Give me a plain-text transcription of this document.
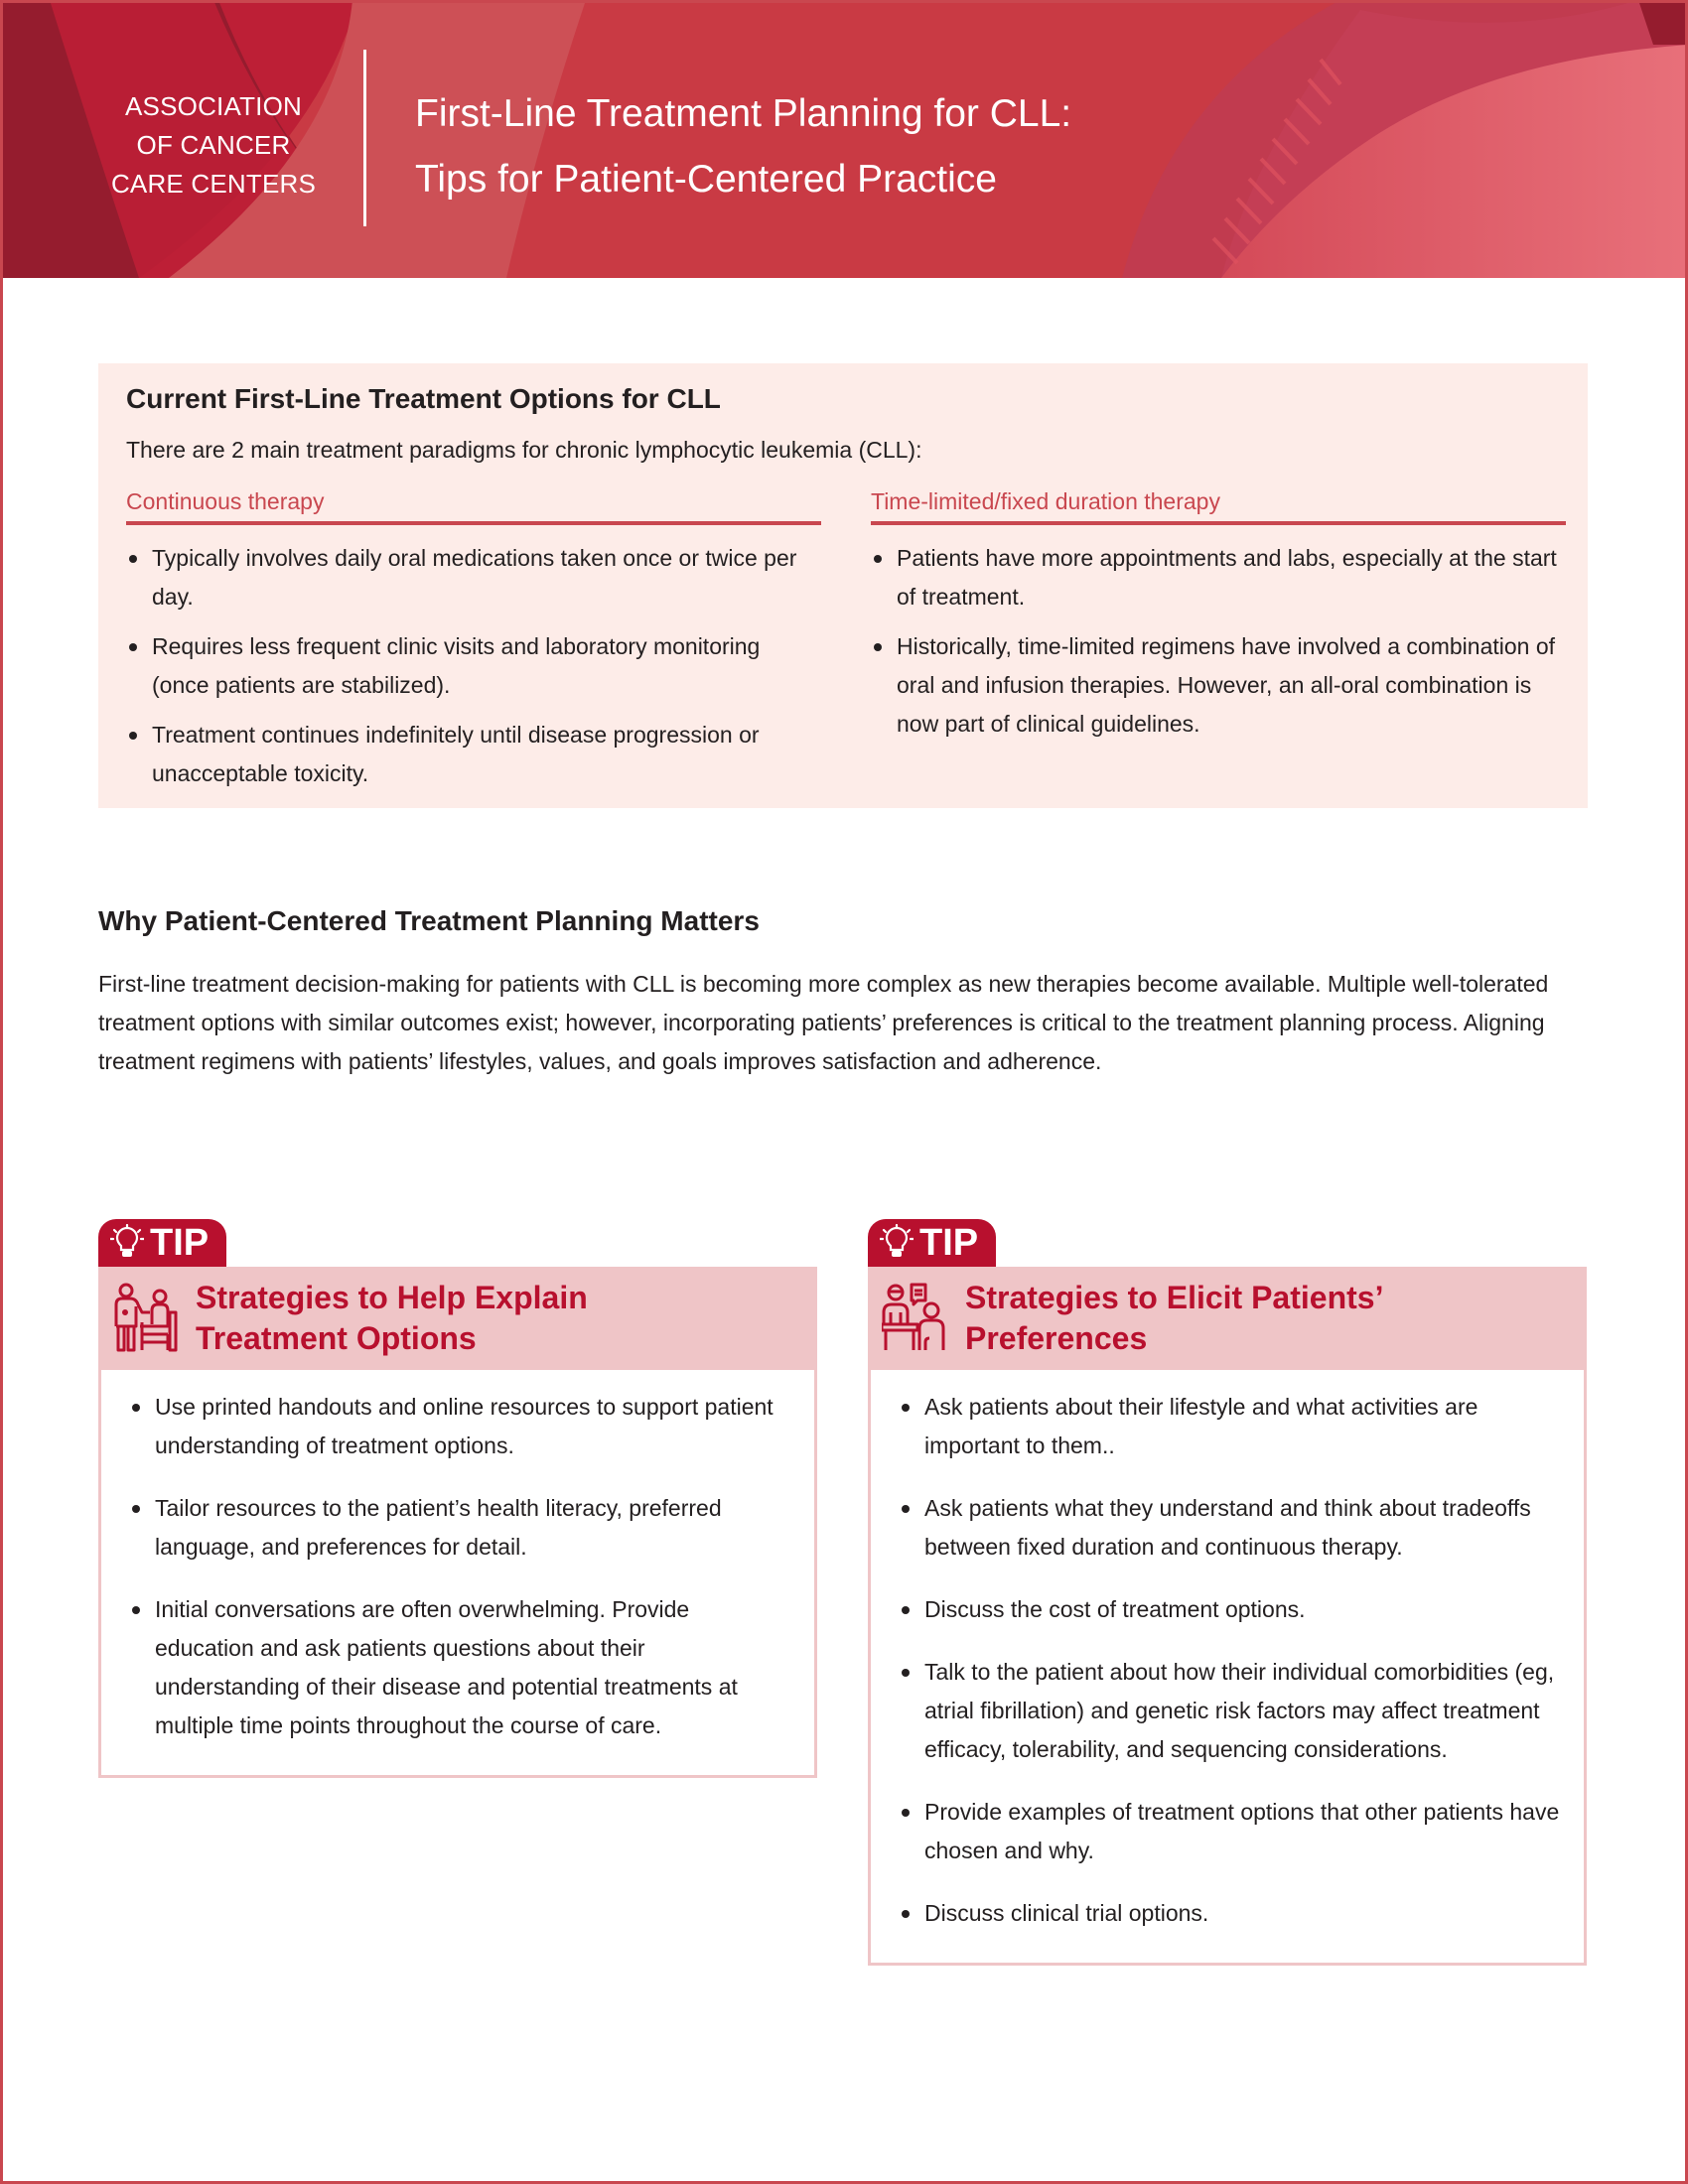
ASSOCIATION
OF CANCER
CARE CENTERS
First-Line Treatment Planning for CLL:
Tips for Patient-Centered Practice
Current First-Line Treatment Options for CLL
There are 2 main treatment paradigms for chronic lymphocytic leukemia (CLL):
Continuous therapy
Typically involves daily oral medications taken once or twice per day.
Requires less frequent clinic visits and laboratory monitoring (once patients are stabilized).
Treatment continues indefinitely until disease progression or unacceptable toxicity.
Time-limited/fixed duration therapy
Patients have more appointments and labs, especially at the start of treatment.
Historically, time-limited regimens have involved a combination of oral and infusion therapies. However, an all-oral combination is now part of clinical guidelines.
Why Patient-Centered Treatment Planning Matters

First-line treatment decision-making for patients with CLL is becoming more complex as new therapies become available. Multiple well-tolerated treatment options with similar outcomes exist; however, incorporating patients’ preferences is critical to the treatment planning process. Aligning treatment regimens with patients’ lifestyles, values, and goals improves satisfaction and adherence.

TIP
Strategies to Help Explain
Treatment Options
Use printed handouts and online resources to support patient understanding of treatment options.
Tailor resources to the patient’s health literacy, preferred language, and preferences for detail.
Initial conversations are often overwhelming. Provide education and ask patients questions about their understanding of their disease and potential treatments at multiple time points throughout the course of care.
TIP
Strategies to Elicit Patients’
Preferences
Ask patients about their lifestyle and what activities are important to them..
Ask patients what they understand and think about tradeoffs between fixed duration and continuous therapy.
Discuss the cost of treatment options.
Talk to the patient about how their individual comorbidities (eg, atrial fibrillation) and genetic risk factors may affect treatment efficacy, tolerability, and sequencing considerations.
Provide examples of treatment options that other patients have chosen and why.
Discuss clinical trial options.
